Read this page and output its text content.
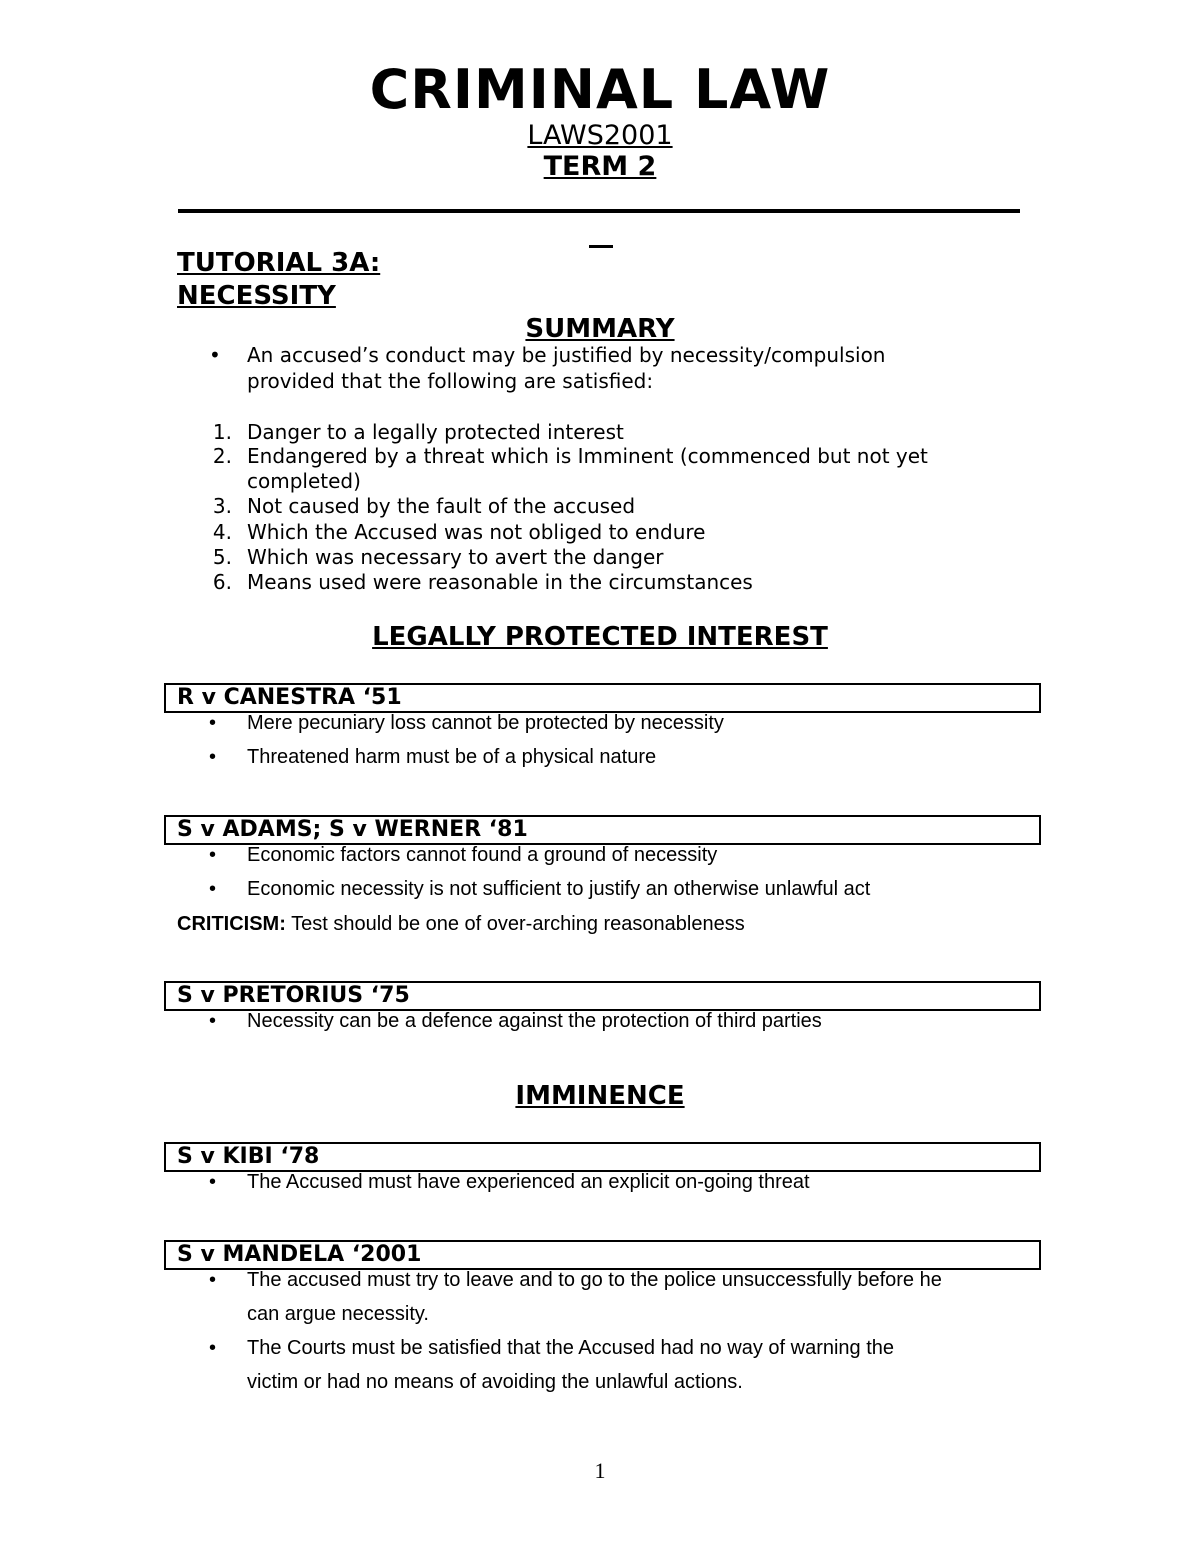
CRIMINAL LAW
LAWS2001
TERM 2
TUTORIAL 3A:
NECESSITY
SUMMARY
• An accused’s conduct may be justified by necessity/compulsion
provided that the following are satisfied:
1. Danger to a legally protected interest
2. Endangered by a threat which is Imminent (commenced but not yet
completed)
3. Not caused by the fault of the accused
4. Which the Accused was not obliged to endure
5. Which was necessary to avert the danger
6. Means used were reasonable in the circumstances
LEGALLY PROTECTED INTEREST
R v CANESTRA ‘51
• Mere pecuniary loss cannot be protected by necessity
• Threatened harm must be of a physical nature
S v ADAMS; S v WERNER ‘81
• Economic factors cannot found a ground of necessity
• Economic necessity is not sufficient to justify an otherwise unlawful act
CRITICISM: Test should be one of over-arching reasonableness
S v PRETORIUS ‘75
• Necessity can be a defence against the protection of third parties
IMMINENCE
S v KIBI ‘78
• The Accused must have experienced an explicit on-going threat
S v MANDELA ‘2001
• The accused must try to leave and to go to the police unsuccessfully before he
can argue necessity.
• The Courts must be satisfied that the Accused had no way of warning the
victim or had no means of avoiding the unlawful actions.
1
